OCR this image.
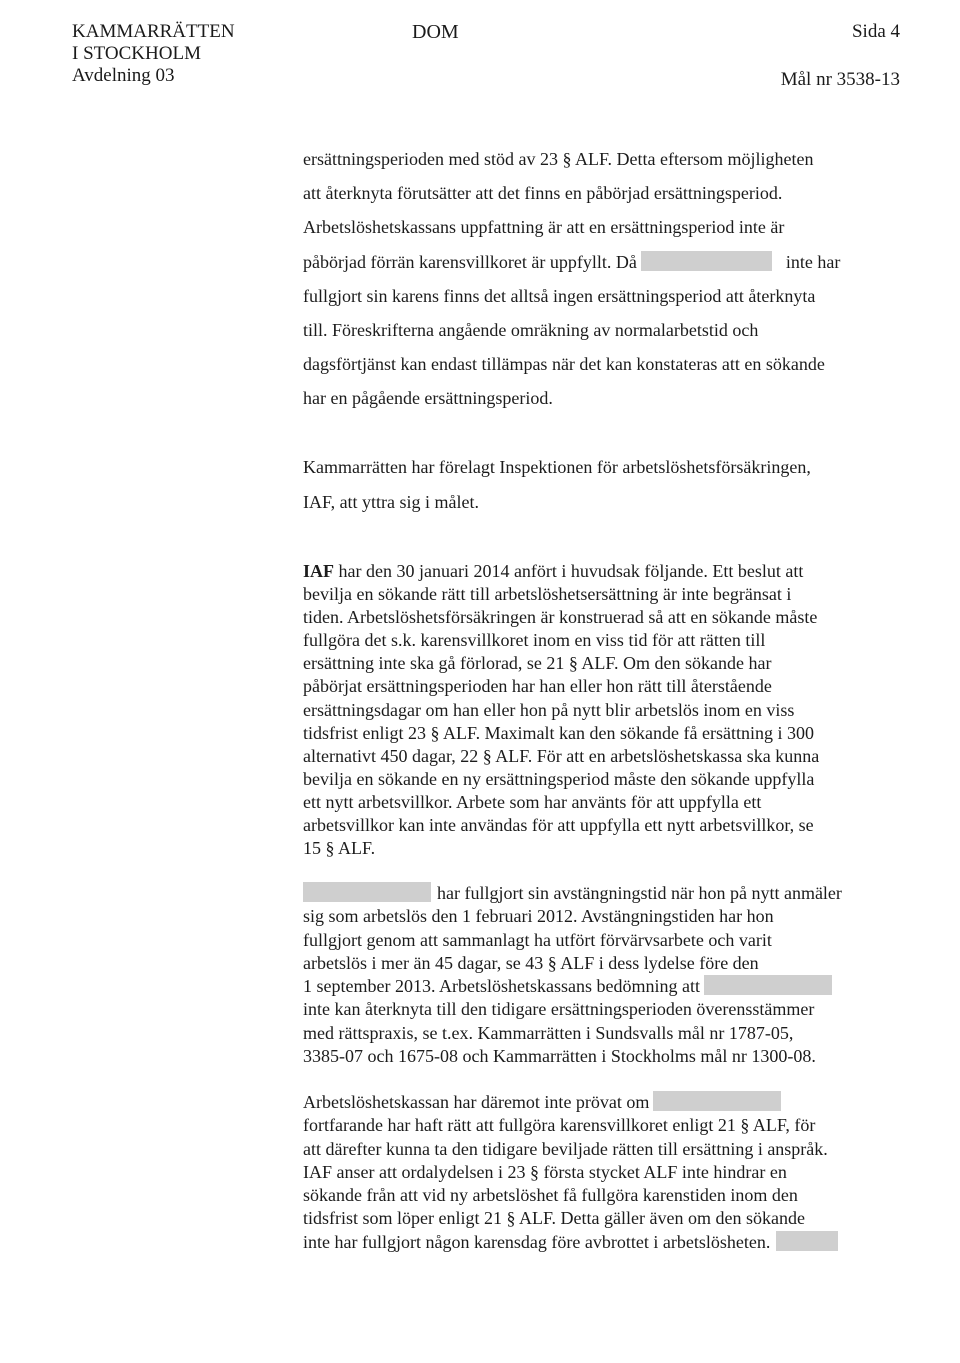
KAMMARRÄTTEN
I STOCKHOLM
Avdelning 03
DOM	Sida 4
Mål nr 3538-13
ersättningsperioden med stöd av 23 § ALF. Detta eftersom möjligheten
att återknyta förutsätter att det finns en påbörjad ersättningsperiod.
Arbetslöshetskassans uppfattning är att en ersättningsperiod inte är
påbörjad förrän karensvillkoret är uppfyllt. Då	inte har
fullgjort sin karens finns det alltså ingen ersättningsperiod att återknyta
till. Föreskrifterna angående omräkning av normalarbetstid och
dagsförtjänst kan endast tillämpas när det kan konstateras att en sökande
har en pågående ersättningsperiod.
Kammarrätten har förelagt Inspektionen för arbetslöshetsförsäkringen,
IAF, att yttra sig i målet.
IAF har den 30 januari 2014 anfört i huvudsak följande. Ett beslut att
bevilja en sökande rätt till arbetslöshetsersättning är inte begränsat i
tiden. Arbetslöshetsförsäkringen är konstruerad så att en sökande måste
fullgöra det s.k. karensvillkoret inom en viss tid för att rätten till
ersättning inte ska gå förlorad, se 21 § ALF. Om den sökande har
påbörjat ersättningsperioden har han eller hon rätt till återstående
ersättningsdagar om han eller hon på nytt blir arbetslös inom en viss
tidsfrist enligt 23 § ALF. Maximalt kan den sökande få ersättning i 300
alternativt 450 dagar, 22 § ALF. För att en arbetslöshetskassa ska kunna
bevilja en sökande en ny ersättningsperiod måste den sökande uppfylla
ett nytt arbetsvillkor. Arbete som har använts för att uppfylla ett
arbetsvillkor kan inte användas för att uppfylla ett nytt arbetsvillkor, se
15 § ALF.
har fullgjort sin avstängningstid när hon på nytt anmäler
sig som arbetslös den 1 februari 2012. Avstängningstiden har hon
fullgjort genom att sammanlagt ha utfört förvärvsarbete och varit
arbetslös i mer än 45 dagar, se 43 § ALF i dess lydelse före den
1 september 2013. Arbetslöshetskassans bedömning att
inte kan återknyta till den tidigare ersättningsperioden överensstämmer
med rättspraxis, se t.ex. Kammarrätten i Sundsvalls mål nr 1787-05,
3385-07 och 1675-08 och Kammarrätten i Stockholms mål nr 1300-08.
Arbetslöshetskassan har däremot inte prövat om
fortfarande har haft rätt att fullgöra karensvillkoret enligt 21 § ALF, för
att därefter kunna ta den tidigare beviljade rätten till ersättning i anspråk.
IAF anser att ordalydelsen i 23 § första stycket ALF inte hindrar en
sökande från att vid ny arbetslöshet få fullgöra karenstiden inom den
tidsfrist som löper enligt 21 § ALF. Detta gäller även om den sökande
inte har fullgjort någon karensdag före avbrottet i arbetslösheten.
